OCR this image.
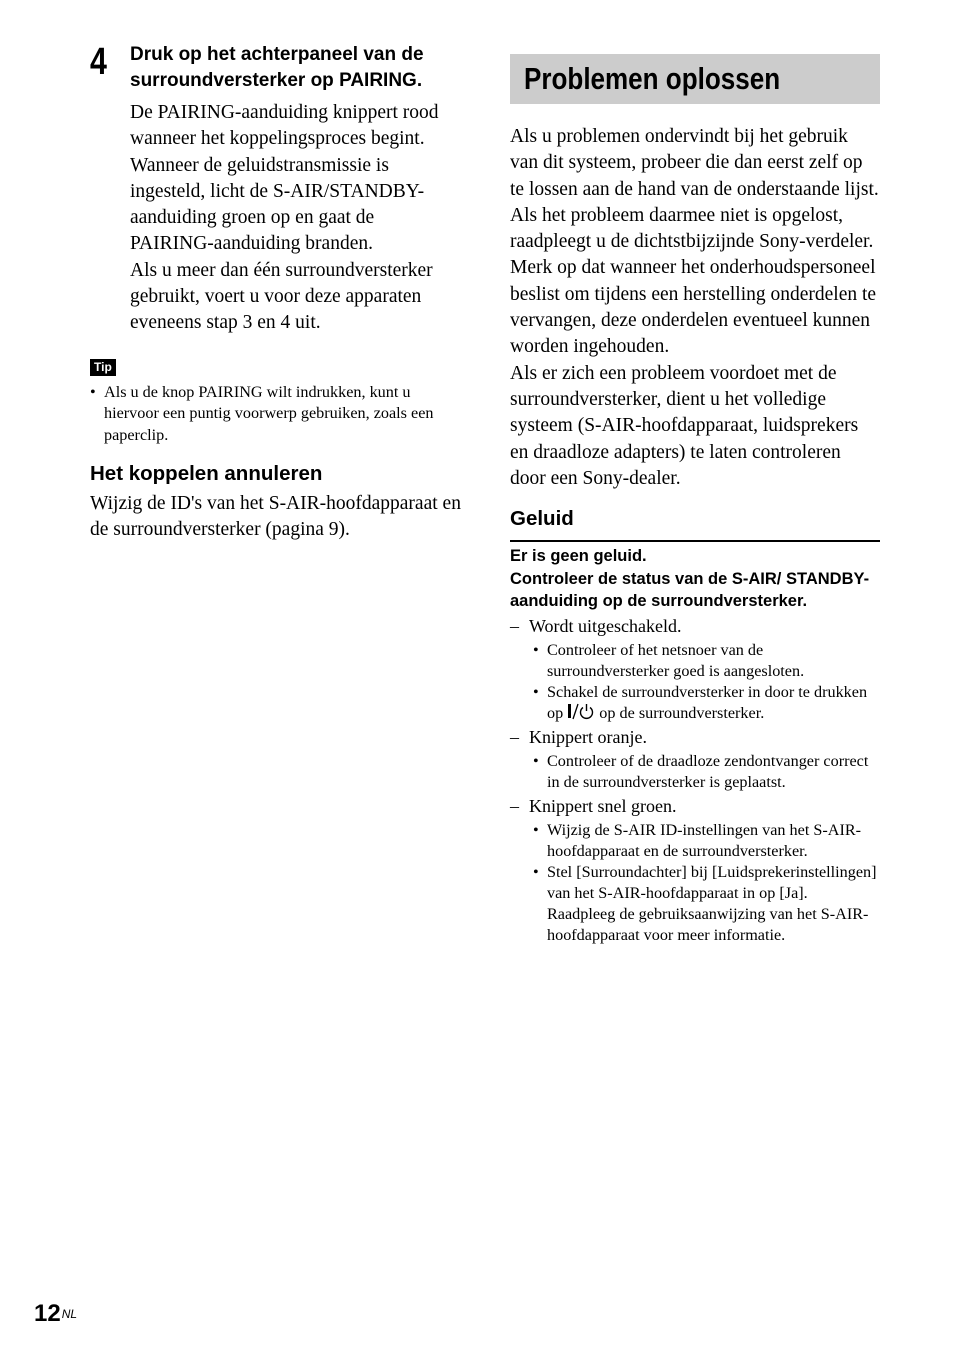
4 Druk op het achterpaneel van de surroundversterker op PAIRING.

De PAIRING-aanduiding knippert rood wanneer het koppelingsproces begint.

Wanneer de geluidstransmissie is ingesteld, licht de S-AIR/STANDBY-aanduiding groen op en gaat de PAIRING-aanduiding branden.

Als u meer dan één surroundversterker gebruikt, voert u voor deze apparaten eveneens stap 3 en 4 uit.

Tip
• Als u de knop PAIRING wilt indrukken, kunt u hiervoor een puntig voorwerp gebruiken, zoals een paperclip.
Het koppelen annuleren

Wijzig de ID's van het S-AIR-hoofdapparaat en de surroundversterker (pagina 9).

Problemen oplossen

Als u problemen ondervindt bij het gebruik van dit systeem, probeer die dan eerst zelf op te lossen aan de hand van de onderstaande lijst. Als het probleem daarmee niet is opgelost, raadpleegt u de dichtstbijzijnde Sony-verdeler.

Merk op dat wanneer het onderhoudspersoneel beslist om tijdens een herstelling onderdelen te vervangen, deze onderdelen eventueel kunnen worden ingehouden.

Als er zich een probleem voordoet met de surroundversterker, dient u het volledige systeem (S-AIR-hoofdapparaat, luidsprekers en draadloze adapters) te laten controleren door een Sony-dealer.

Geluid
Er is geen geluid.
Controleer de status van de S-AIR/ STANDBY-aanduiding op de surroundversterker.
– Wordt uitgeschakeld.
• Controleer of het netsnoer van de surroundversterker goed is aangesloten.
• Schakel de surroundversterker in door te drukken op op de surroundversterker.
– Knippert oranje.
• Controleer of de draadloze zendontvanger correct in de surroundversterker is geplaatst.
– Knippert snel groen.
• Wijzig de S-AIR ID-instellingen van het S-AIR-hoofdapparaat en de surroundversterker.
• Stel [Surroundachter] bij [Luidsprekerinstellingen] van het S-AIR-hoofdapparaat in op [Ja]. Raadpleeg de gebruiksaanwijzing van het S-AIR-hoofdapparaat voor meer informatie.
$12^{NL}$
